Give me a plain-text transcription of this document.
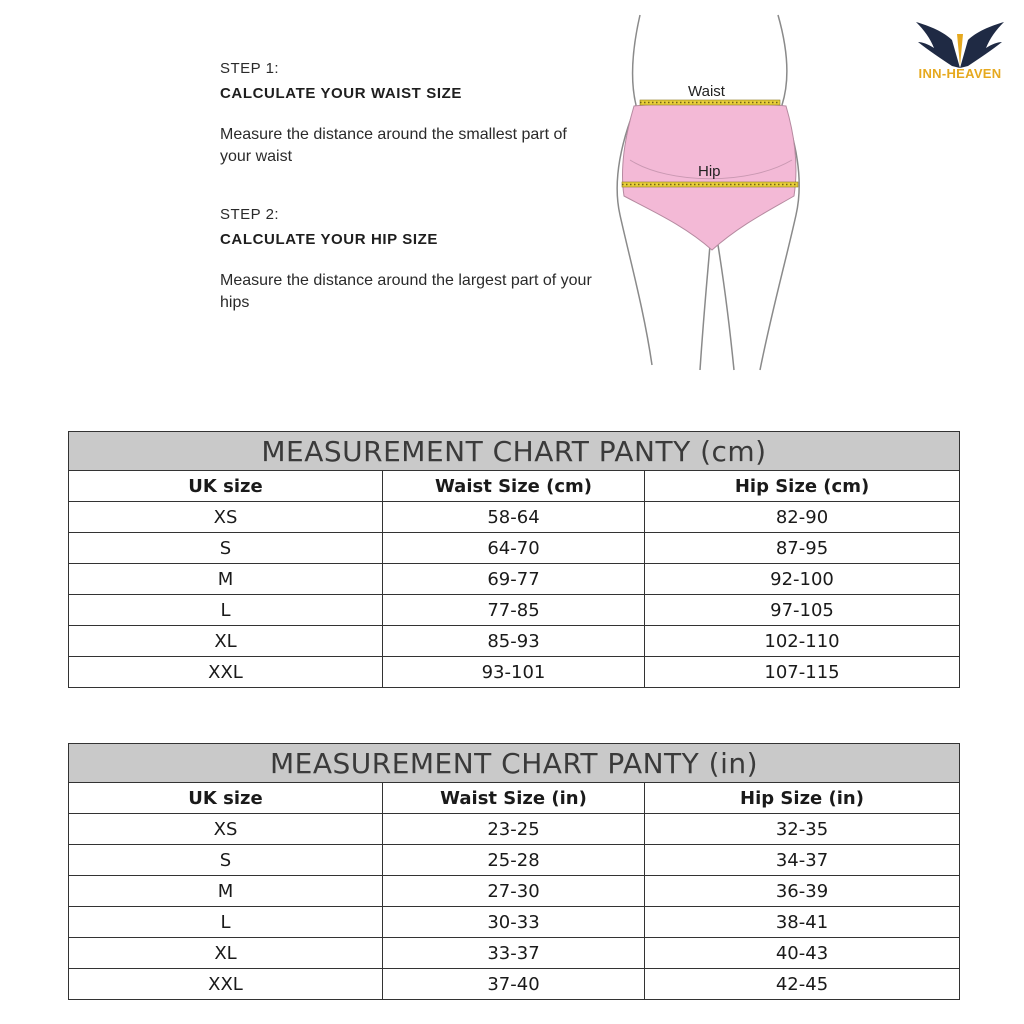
STEP 1:
CALCULATE YOUR WAIST SIZE
Measure the distance around the smallest part of your waist
STEP 2:
CALCULATE YOUR HIP SIZE
Measure the distance around the largest part of your hips
Waist
Hip
INN-HEAVEN
MEASUREMENT CHART PANTY (cm)		
UK size	Waist Size (cm)	Hip Size (cm)
XS	58-64	82-90
S	64-70	87-95
M	69-77	92-100
L	77-85	97-105
XL	85-93	102-110
XXL	93-101	107-115
MEASUREMENT CHART PANTY (in)		
UK size	Waist Size (in)	Hip Size (in)
XS	23-25	32-35
S	25-28	34-37
M	27-30	36-39
L	30-33	38-41
XL	33-37	40-43
XXL	37-40	42-45
